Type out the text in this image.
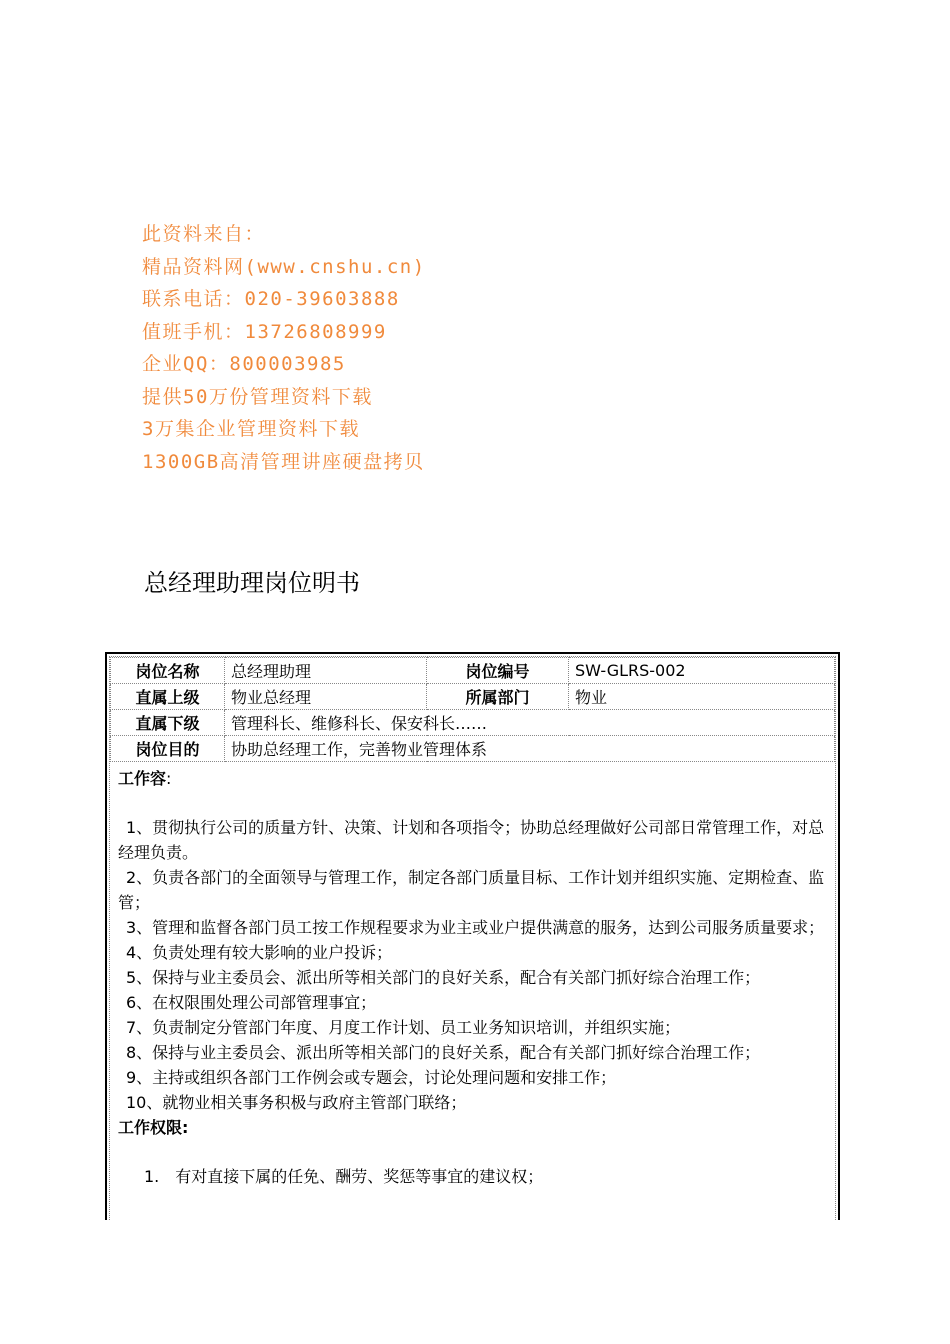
此资料来自：
精品资料网(www.cnshu.cn)
联系电话：020-39603888
值班手机：13726808999
企业QQ：800003985
提供50万份管理资料下载
3万集企业管理资料下载
1300GB高清管理讲座硬盘拷贝
总经理助理岗位明书
岗位名称	总经理助理	岗位编号	SW-GLRS-002
直属上级	物业总经理	所属部门	物业
直属下级	管理科长、维修科长、保安科长……		
岗位目的	协助总经理工作，完善物业管理体系		
工作容:
1、贯彻执行公司的质量方针、决策、计划和各项指令；协助总经理做好公司部日常管理工作，对总经理负责。
2、负责各部门的全面领导与管理工作，制定各部门质量目标、工作计划并组织实施、定期检查、监管；
3、管理和监督各部门员工按工作规程要求为业主或业户提供满意的服务，达到公司服务质量要求；
4、负责处理有较大影响的业户投诉；
5、保持与业主委员会、派出所等相关部门的良好关系，配合有关部门抓好综合治理工作；
6、在权限围处理公司部管理事宜；
7、负责制定分管部门年度、月度工作计划、员工业务知识培训，并组织实施；
8、保持与业主委员会、派出所等相关部门的良好关系，配合有关部门抓好综合治理工作；
9、主持或组织各部门工作例会或专题会，讨论处理问题和安排工作；
10、就物业相关事务积极与政府主管部门联络；
工作权限:
1.　有对直接下属的任免、酬劳、奖惩等事宜的建议权；
